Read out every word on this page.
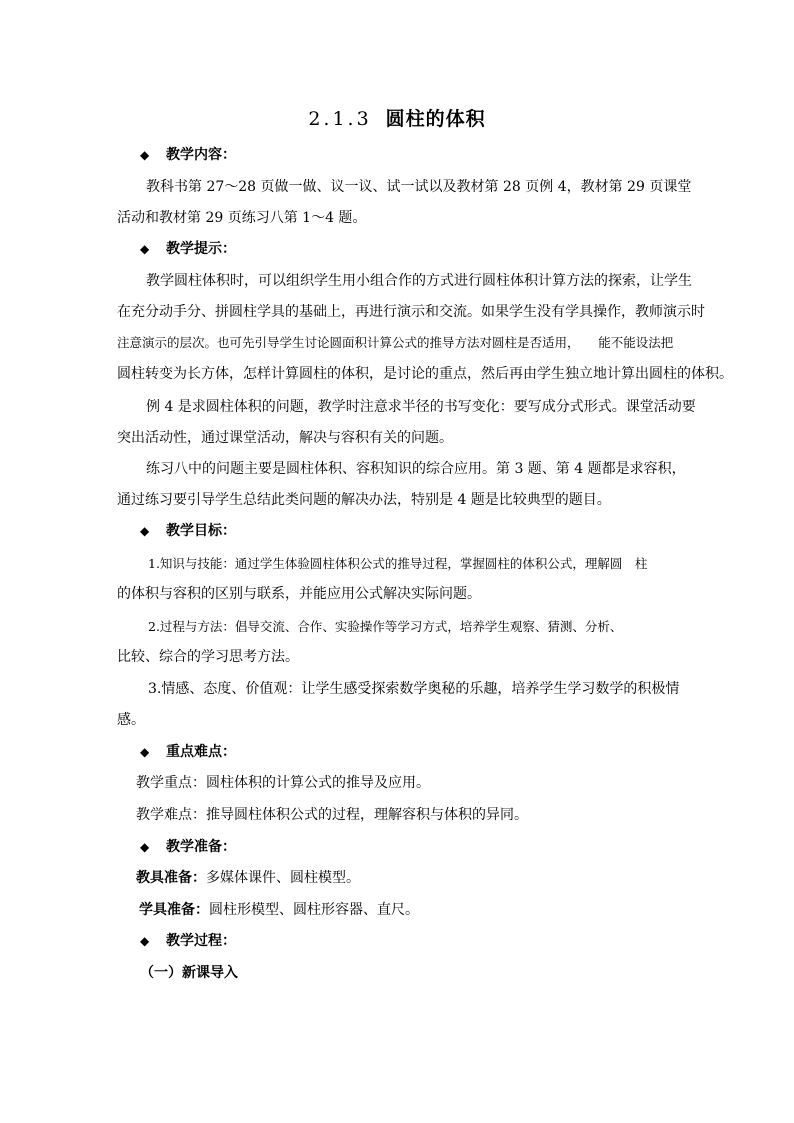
2.1.3 圆柱的体积
◆ 教学内容：
教科书第 27～28 页做一做、议一议、试一试以及教材第 28 页例 4，教材第 29 页课堂
活动和教材第 29 页练习八第 1～4 题。
◆ 教学提示：
教学圆柱体积时，可以组织学生用小组合作的方式进行圆柱体积计算方法的探索，让学生
在充分动手分、拼圆柱学具的基础上，再进行演示和交流。如果学生没有学具操作，教师演示时
注意演示的层次。也可先引导学生讨论圆面积计算公式的推导方法对圆柱是否适用，　　能不能设法把
圆柱转变为长方体，怎样计算圆柱的体积，是讨论的重点，然后再由学生独立地计算出圆柱的体积。
例 4 是求圆柱体积的问题，教学时注意求半径的书写变化：要写成分式形式。课堂活动要
突出活动性，通过课堂活动，解决与容积有关的问题。
练习八中的问题主要是圆柱体积、容积知识的综合应用。第 3 题、第 4 题都是求容积，
通过练习要引导学生总结此类问题的解决办法，特别是 4 题是比较典型的题目。
◆ 教学目标：
1.知识与技能：通过学生体验圆柱体积公式的推导过程，掌握圆柱的体积公式，理解圆　柱
的体积与容积的区别与联系，并能应用公式解决实际问题。
2.过程与方法：倡导交流、合作、实验操作等学习方式，培养学生观察、猜测、分析、
比较、综合的学习思考方法。
3.情感、态度、价值观：让学生感受探索数学奥秘的乐趣，培养学生学习数学的积极情
感。
◆ 重点难点：
教学重点：圆柱体积的计算公式的推导及应用。
教学难点：推导圆柱体积公式的过程，理解容积与体积的异同。
◆ 教学准备：
教具准备：多媒体课件、圆柱模型。
学具准备：圆柱形模型、圆柱形容器、直尺。
◆ 教学过程：
（一）新课导入
